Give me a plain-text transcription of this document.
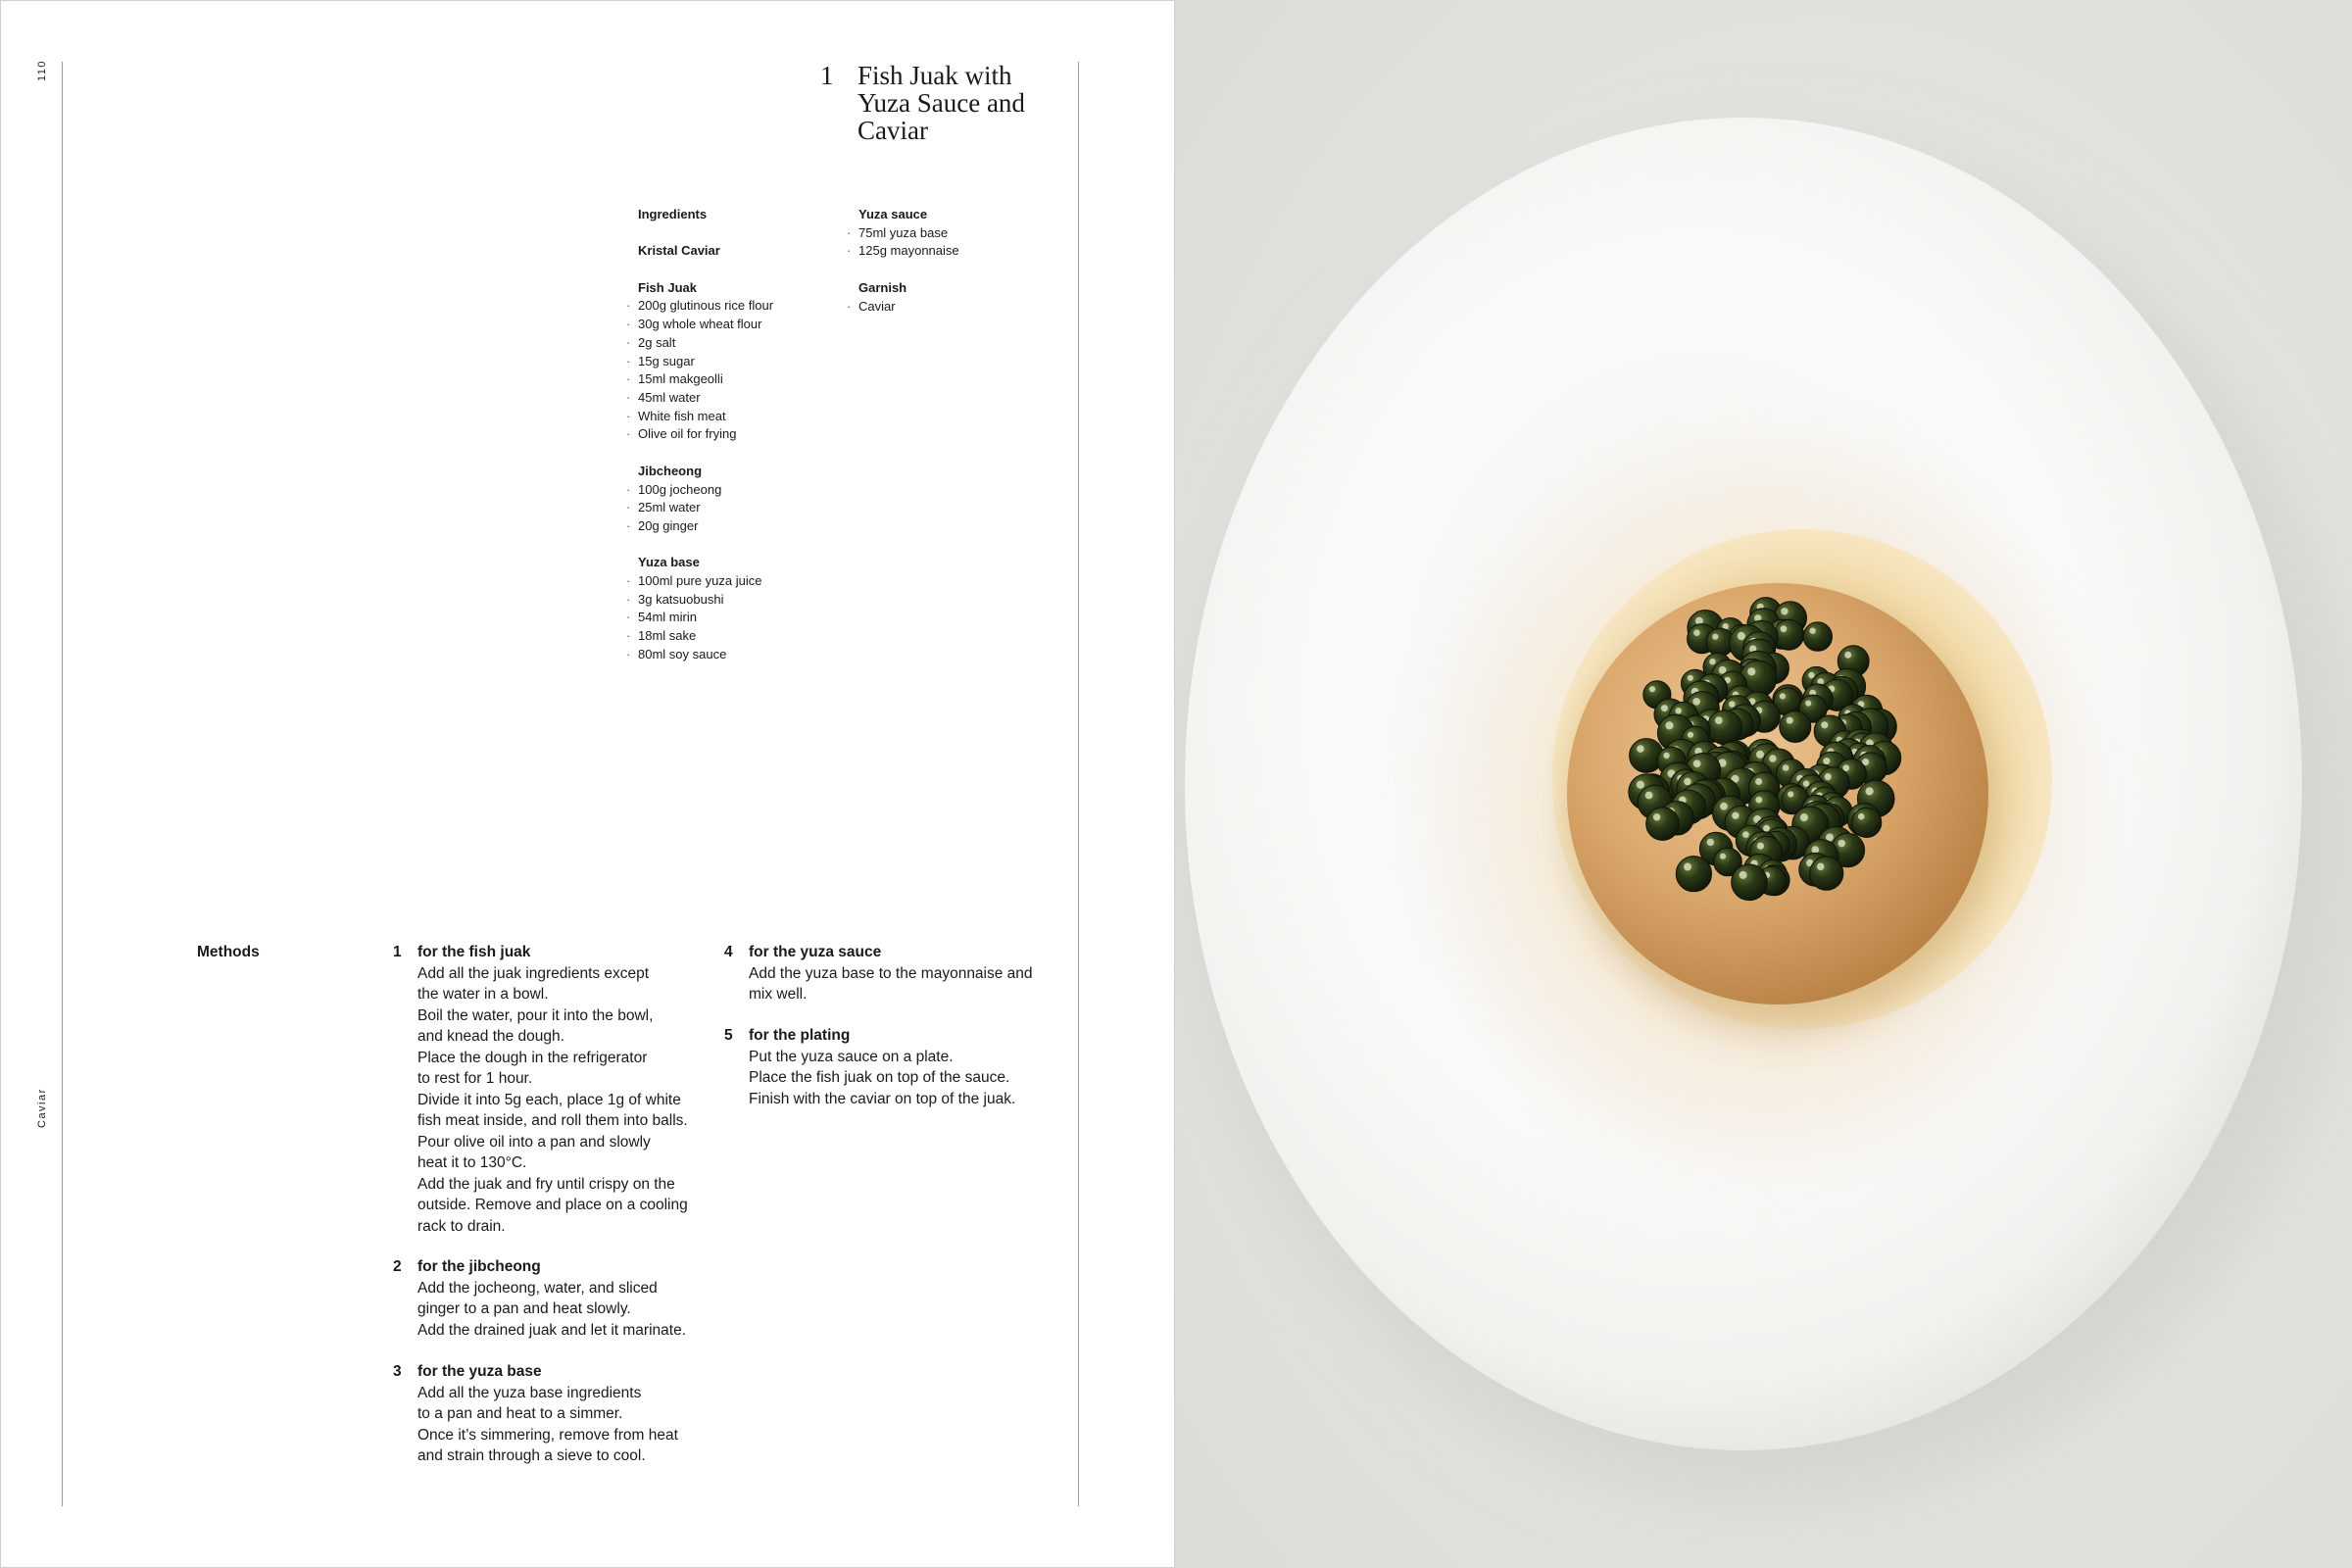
110
Caviar
1 Fish Juak with
Yuza Sauce and
Caviar
Ingredients
Kristal Caviar
Fish Juak
· 200g glutinous rice flour
· 30g whole wheat flour
· 2g salt
· 15g sugar
· 15ml makgeolli
· 45ml water
· White fish meat
· Olive oil for frying
Jibcheong
· 100g jocheong
· 25ml water
· 20g ginger
Yuza base
· 100ml pure yuza juice
· 3g katsuobushi
· 54ml mirin
· 18ml sake
· 80ml soy sauce
Yuza sauce
· 75ml yuza base
· 125g mayonnaise
Garnish
· Caviar
Methods	1 for the fish juak
Add all the juak ingredients except
the water in a bowl.
Boil the water, pour it into the bowl,
and knead the dough.
Place the dough in the refrigerator
to rest for 1 hour.
Divide it into 5g each, place 1g of white
fish meat inside, and roll them into balls.
Pour olive oil into a pan and slowly
heat it to 130°C.
Add the juak and fry until crispy on the
outside. Remove and place on a cooling
rack to drain.
2 for the jibcheong
Add the jocheong, water, and sliced
ginger to a pan and heat slowly.
Add the drained juak and let it marinate.
3 for the yuza base
Add all the yuza base ingredients
to a pan and heat to a simmer.
Once it’s simmering, remove from heat
and strain through a sieve to cool.
4 for the yuza sauce
Add the yuza base to the mayonnaise and
mix well.
5 for the plating
Put the yuza sauce on a plate.
Place the fish juak on top of the sauce.
Finish with the caviar on top of the juak.
